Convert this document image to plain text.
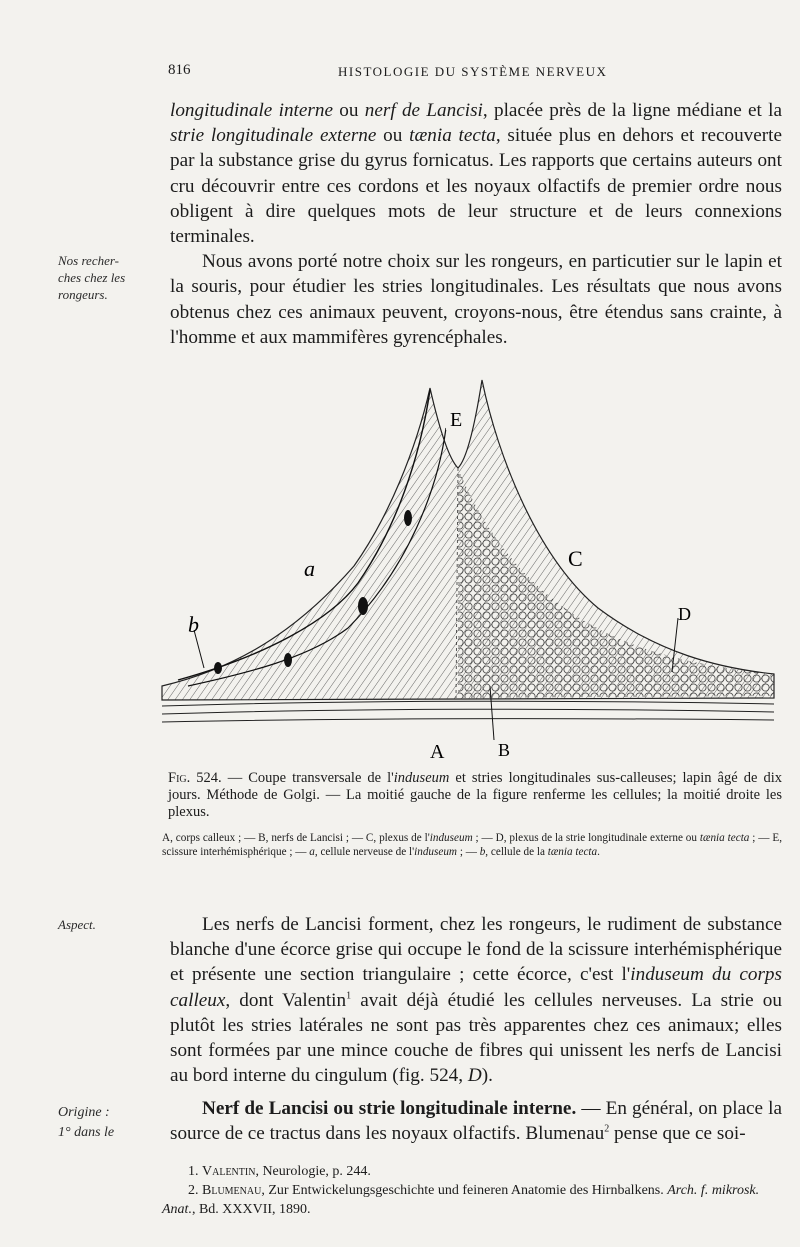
816	HISTOLOGIE DU SYSTÈME NERVEUX
Nos recher-
ches chez les
rongeurs.
Aspect.
Origine :
1° dans le

longitudinale interne ou nerf de Lancisi, placée près de la ligne médiane et la strie longitudinale externe ou tænia tecta, située plus en dehors et recouverte par la substance grise du gyrus fornicatus. Les rapports que certains auteurs ont cru découvrir entre ces cordons et les noyaux olfactifs de premier ordre nous obligent à dire quelques mots de leur structure et de leurs connexions terminales.

Nous avons porté notre choix sur les rongeurs, en particutier sur le lapin et la souris, pour étudier les stries longitudinales. Les résultats que nous avons obtenus chez ces animaux peuvent, croyons-nous, être étendus sans crainte, à l'homme et aux mammifères gyrencéphales.

E
a	C
D
b
A	B

Fig. 524. — Coupe transversale de l'induseum et stries longitudinales sus-calleuses; lapin âgé de dix jours. Méthode de Golgi. — La moitié gauche de la figure renferme les cellules; la moitié droite les plexus.

A, corps calleux ; — B, nerfs de Lancisi ; — C, plexus de l'induseum ; — D, plexus de la strie longitudinale externe ou tænia tecta ; — E, scissure interhémisphérique ; — a, cellule nerveuse de l'induseum ; — b, cellule de la tænia tecta.

Les nerfs de Lancisi forment, chez les rongeurs, le rudiment de substance blanche d'une écorce grise qui occupe le fond de la scissure interhémisphérique et présente une section triangulaire ; cette écorce, c'est l'induseum du corps calleux, dont Valentin$^1$ avait déjà étudié les cellules nerveuses. La strie ou plutôt les stries latérales ne sont pas très apparentes chez ces animaux; elles sont formées par une mince couche de fibres qui unissent les nerfs de Lancisi au bord interne du cingulum (fig. 524, D).

Nerf de Lancisi ou strie longitudinale interne. — En général, on place la source de ce tractus dans les noyaux olfactifs. Blumenau$^2$ pense que ce soi-

1. Valentin, Neurologie, p. 244.

2. Blumenau, Zur Entwickelungsgeschichte und feineren Anatomie des Hirnbalkens. Arch. f. mikrosk. Anat., Bd. XXXVII, 1890.
